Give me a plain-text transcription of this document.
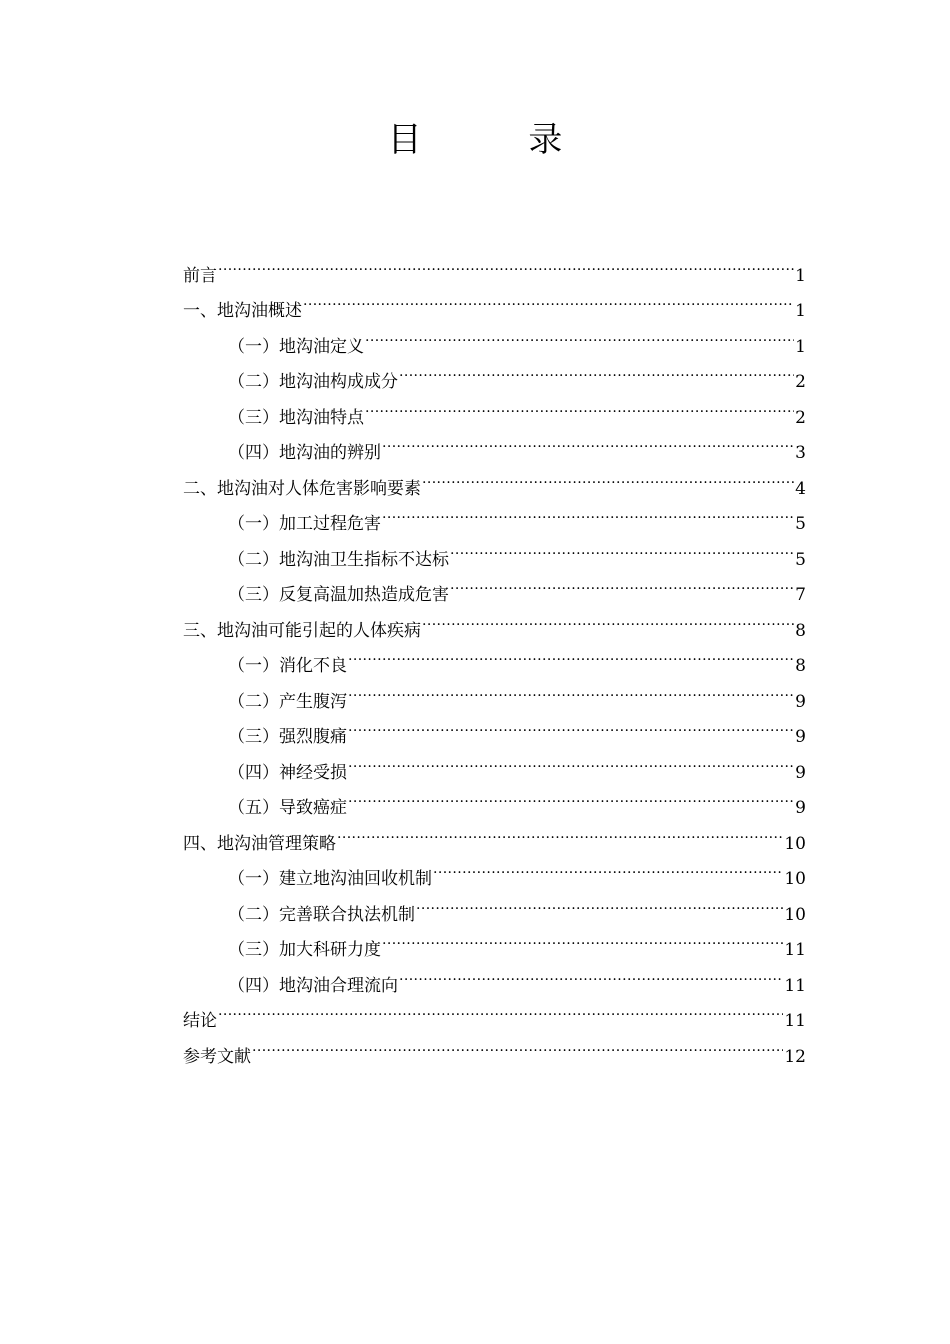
目 录
前言 .....	1
一、地沟油概述 .....	1
（一）地沟油定义 .....	1
（二）地沟油构成成分 .....	2
（三）地沟油特点 .....	2
（四）地沟油的辨别 .....	3
二、地沟油对人体危害影响要素 .....	4
（一）加工过程危害 .....	5
（二）地沟油卫生指标不达标 .....	5
（三）反复高温加热造成危害 .....	7
三、地沟油可能引起的人体疾病 .....	8
（一）消化不良 .....	8
（二）产生腹泻 .....	9
（三）强烈腹痛 .....	9
（四）神经受损 .....	9
（五）导致癌症 .....	9
四、地沟油管理策略 .....	10
（一）建立地沟油回收机制 .....	10
（二）完善联合执法机制 .....	10
（三）加大科研力度 .....	11
（四）地沟油合理流向 .....	11
结论 .....	11
参考文献 .....	12
